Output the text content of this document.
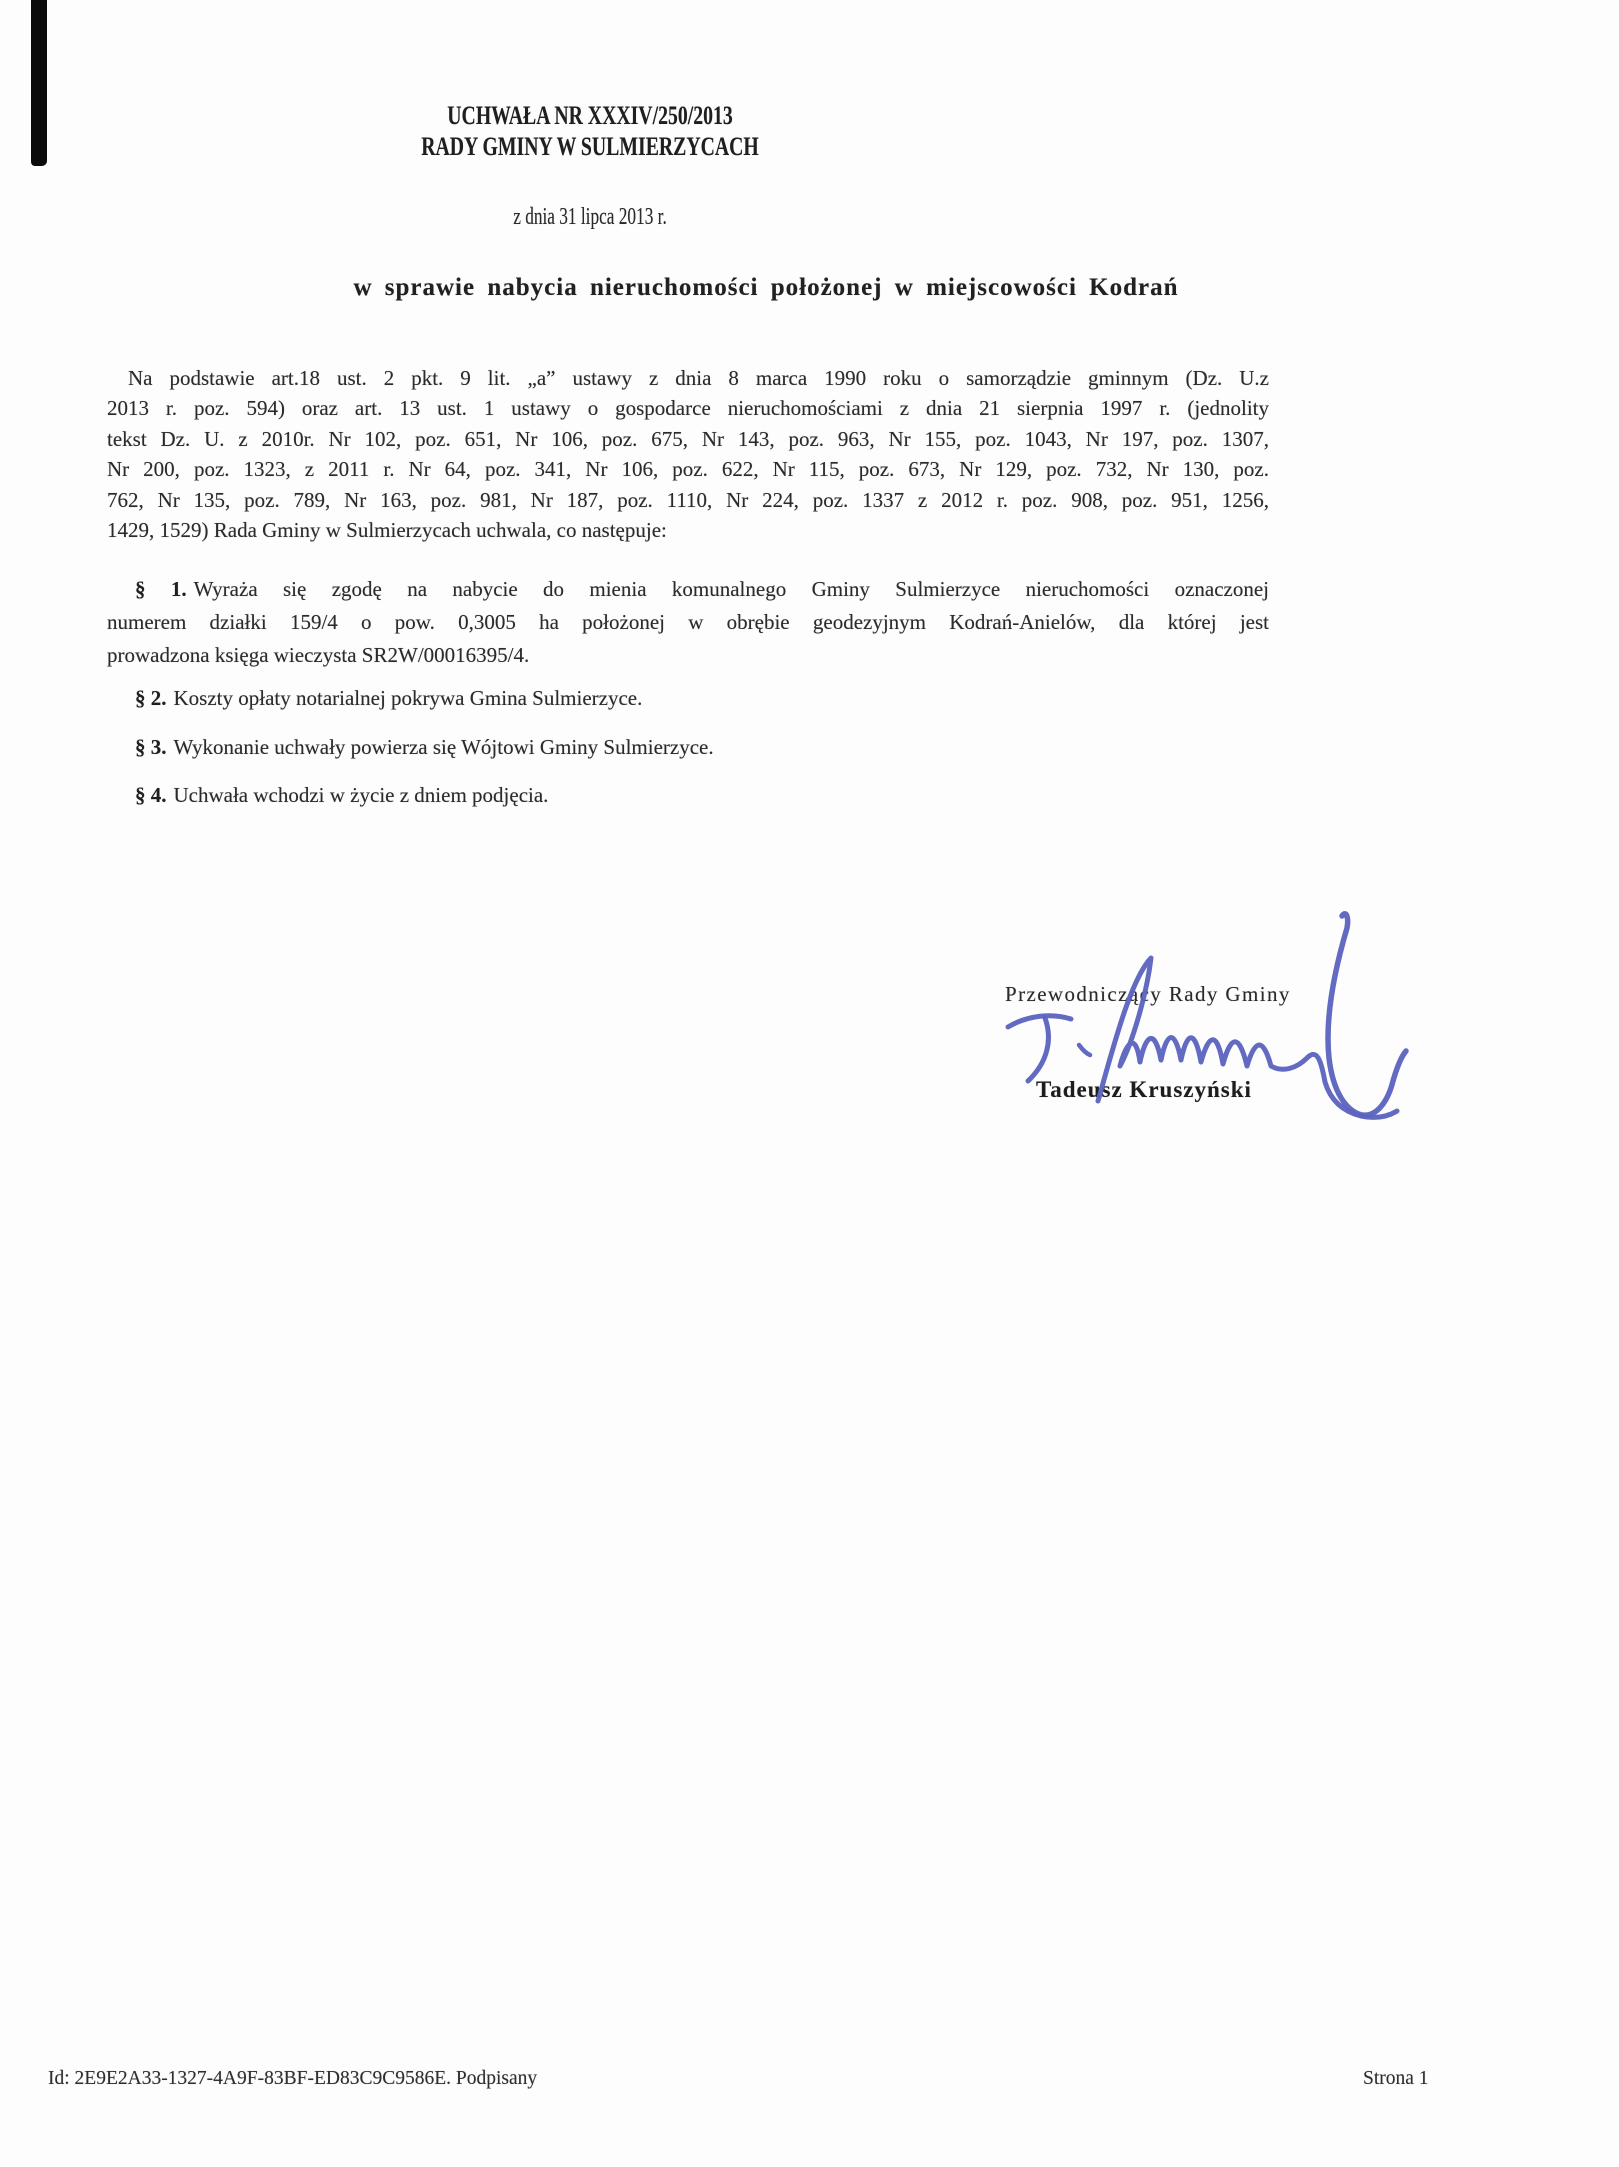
UCHWAŁA NR XXXIV/250/2013
RADY GMINY W SULMIERZYCACH
z dnia 31 lipca 2013 r.
w sprawie nabycia nieruchomości położonej w miejscowości Kodrań
Na podstawie art.18 ust. 2 pkt. 9 lit. „a” ustawy z dnia 8 marca 1990 roku o samorządzie gminnym (Dz. U.z
2013 r. poz. 594) oraz art. 13 ust. 1 ustawy o gospodarce nieruchomościami z dnia 21 sierpnia 1997 r. (jednolity
tekst Dz. U. z 2010r. Nr 102, poz. 651, Nr 106, poz. 675, Nr 143, poz. 963, Nr 155, poz. 1043, Nr 197, poz. 1307,
Nr 200, poz. 1323, z 2011 r. Nr 64, poz. 341, Nr 106, poz. 622, Nr 115, poz. 673, Nr 129, poz. 732, Nr 130, poz.
762, Nr 135, poz. 789, Nr 163, poz. 981, Nr 187, poz. 1110, Nr 224, poz. 1337 z 2012 r. poz. 908, poz. 951, 1256,
1429, 1529) Rada Gminy w Sulmierzycach uchwala, co następuje:
§ 1. Wyraża się zgodę na nabycie do mienia komunalnego Gminy Sulmierzyce nieruchomości oznaczonej
numerem działki 159/4 o pow. 0,3005 ha położonej w obrębie geodezyjnym Kodrań-Anielów, dla której jest
prowadzona księga wieczysta SR2W/00016395/4.
§ 2. Koszty opłaty notarialnej pokrywa Gmina Sulmierzyce.
§ 3. Wykonanie uchwały powierza się Wójtowi Gminy Sulmierzyce.
§ 4. Uchwała wchodzi w życie z dniem podjęcia.
Przewodniczący Rady Gminy
Tadeusz Kruszyński
Id: 2E9E2A33-1327-4A9F-83BF-ED83C9C9586E. Podpisany	Strona 1
